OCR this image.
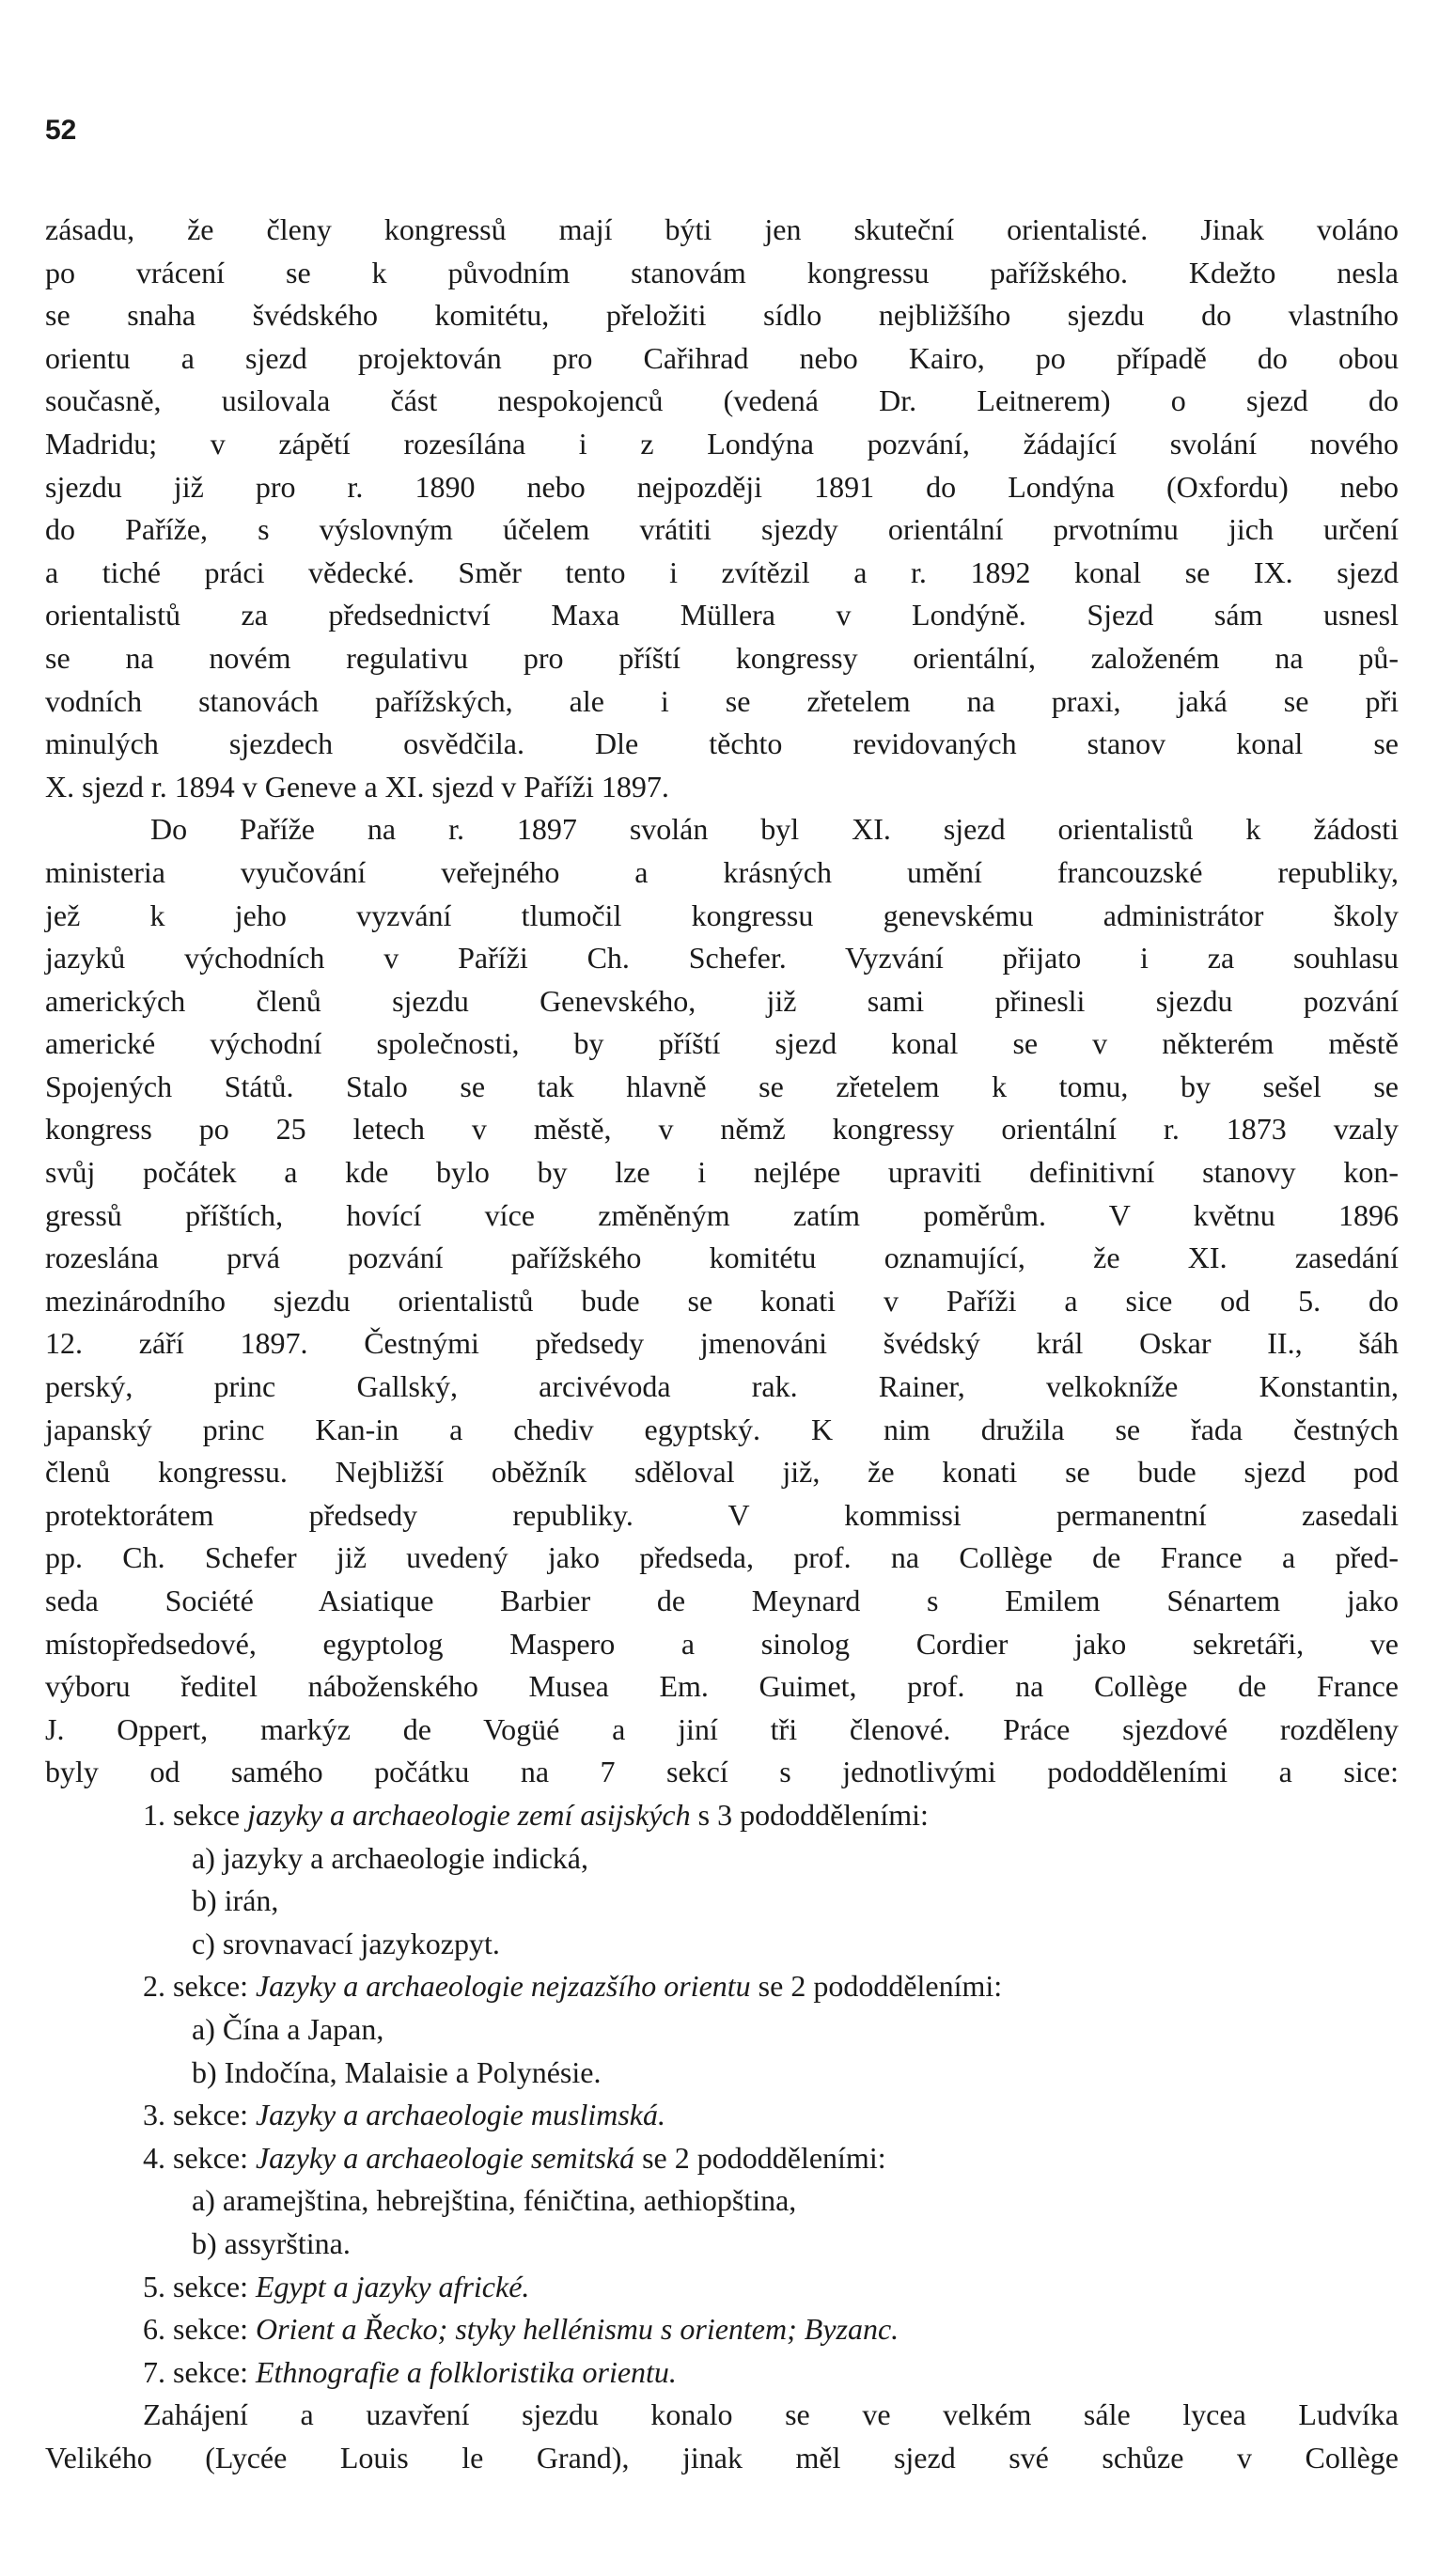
52
zásadu, že členy kongressů mají býti jen skuteční orientalisté. Jinak voláno
po vrácení se k původním stanovám kongressu pařížského. Kdežto nesla
se snaha švédského komitétu, přeložiti sídlo nejbližšího sjezdu do vlastního
orientu a sjezd projektován pro Cařihrad nebo Kairo, po případě do obou
současně, usilovala část nespokojenců (vedená Dr. Leitnerem) o sjezd do
Madridu; v zápětí rozesílána i z Londýna pozvání, žádající svolání nového
sjezdu již pro r. 1890 nebo nejpozději 1891 do Londýna (Oxfordu) nebo
do Paříže, s výslovným účelem vrátiti sjezdy orientální prvotnímu jich určení
a tiché práci vědecké. Směr tento i zvítězil a r. 1892 konal se IX. sjezd
orientalistů za předsednictví Maxa Müllera v Londýně. Sjezd sám usnesl
se na novém regulativu pro příští kongressy orientální, založeném na pů-
vodních stanovách pařížských, ale i se zřetelem na praxi, jaká se při
minulých sjezdech osvědčila. Dle těchto revidovaných stanov konal se
X. sjezd r. 1894 v Geneve a XI. sjezd v Paříži 1897.
Do Paříže na r. 1897 svolán byl XI. sjezd orientalistů k žádosti
ministeria vyučování veřejného a krásných umění francouzské republiky,
jež k jeho vyzvání tlumočil kongressu genevskému administrátor školy
jazyků východních v Paříži Ch. Schefer. Vyzvání přijato i za souhlasu
amerických členů sjezdu Genevského, již sami přinesli sjezdu pozvání
americké východní společnosti, by příští sjezd konal se v některém městě
Spojených Států. Stalo se tak hlavně se zřetelem k tomu, by sešel se
kongress po 25 letech v městě, v němž kongressy orientální r. 1873 vzaly
svůj počátek a kde bylo by lze i nejlépe upraviti definitivní stanovy kon-
gressů příštích, hovící více změněným zatím poměrům. V květnu 1896
rozeslána prvá pozvání pařížského komitétu oznamující, že XI. zasedání
mezinárodního sjezdu orientalistů bude se konati v Paříži a sice od 5. do
12. září 1897. Čestnými předsedy jmenováni švédský král Oskar II., šáh
perský, princ Gallský, arcivévoda rak. Rainer, velkokníže Konstantin,
japanský princ Kan-in a chediv egyptský. K nim družila se řada čestných
členů kongressu. Nejbližší oběžník sděloval již, že konati se bude sjezd pod
protektorátem předsedy republiky. V kommissi permanentní zasedali
pp. Ch. Schefer již uvedený jako předseda, prof. na Collège de France a před-
seda Société Asiatique Barbier de Meynard s Emilem Sénartem jako
místopředsedové, egyptolog Maspero a sinolog Cordier jako sekretáři, ve
výboru ředitel náboženského Musea Em. Guimet, prof. na Collège de France
J. Oppert, markýz de Vogüé a jiní tři členové. Práce sjezdové rozděleny
byly od samého počátku na 7 sekcí s jednotlivými pododděleními a sice:
1. sekce jazyky a archaeologie zemí asijských s 3 pododděleními:
a) jazyky a archaeologie indická,
b) irán,
c) srovnavací jazykozpyt.
2. sekce: Jazyky a archaeologie nejzazšího orientu se 2 pododděleními:
a) Čína a Japan,
b) Indočína, Malaisie a Polynésie.
3. sekce: Jazyky a archaeologie muslimská.
4. sekce: Jazyky a archaeologie semitská se 2 pododděleními:
a) aramejština, hebrejština, féničtina, aethiopština,
b) assyrština.
5. sekce: Egypt a jazyky africké.
6. sekce: Orient a Řecko; styky hellénismu s orientem; Byzanc.
7. sekce: Ethnografie a folkloristika orientu.
Zahájení a uzavření sjezdu konalo se ve velkém sále lycea Ludvíka
Velikého (Lycée Louis le Grand), jinak měl sjezd své schůze v Collège
